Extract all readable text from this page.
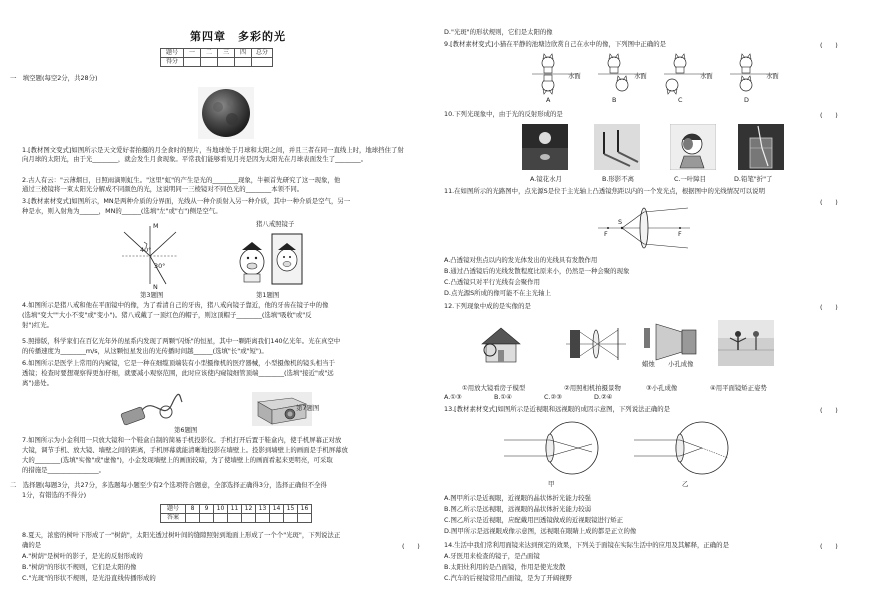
第四章　多彩的光
题号	一	二	三	四	总分
得分					
一　填空题(每空2分，共28分)
1.[教材图文变式]如图所示是天文爱好者拍摄的月全食时的照片，当地球处于月球和太阳之间，并且三者在同一直线上时，地球挡住了射
向月球的太阳光，由于光________，就会发生月食现象。平常我们能够看见月亮是因为太阳光在月球表面发生了________。
2.古人有云："云薄烟日，日照雨滴则虹生。"这里"虹"的产生是光的________现象，牛顿首先研究了这一现象，他
通过三棱镜将一束太阳光分解成不同颜色的光，这说明同一三棱镜对不同色光的________本领不同。
3.[教材素材变式]如图所示，MN是两种介质的分界面，光线从一种介质射入另一种介质，其中一种介质是空气，另一
种是水，则入射角为______，MN的______(选填"左"或"右")侧是空气。
M
N
40°
30°
第3题图
猪八戒照镜子
第1题图
4.如图所示是猪八戒和他在平面镜中的像，为了看清自己的牙齿，猪八戒向镜子靠近，他的牙齿在镜子中的像
(选填"变大""大小不变"或"变小")。猪八戒戴了一顶红色的帽子，则这顶帽子________(选填"吸收"或"反
射")红光。
5.照排版，科学家们在百亿光年外的星系内发现了两颗"闪烁"的恒星，其中一颗距离我们140亿光年。光在真空中
的传播速度为________m/s，从这颗恒星发出的光传播时间越______(选填"长"或"短")。
6.如图所示是医学上常用的内窥镜，它是一种在细缆顶端装有小型摄像机的医疗器械，小型摄像机的镜头相当于
透镜；检查时要想观察得更加仔细，就要减小观察范围，此时应该使内窥镜细管顶端________(选填"接近"或"远
离")患处。
第6题图
第7题图
7.如图所示为小金利用一只放大镜和一个鞋盒自制的简易手机投影仪。手机打开后置于鞋盒内，使手机屏幕正对放
大镜，调节手机、放大镜、墙壁之间的距离，手机屏幕就能清晰地投影在墙壁上。投影到墙壁上的画面是手机屏幕放
大的________(选填"实像"或"虚像")，小金发现墙壁上的画面较暗，为了使墙壁上的画面看起来更明亮，可采取
的措施是________________。
二　选择题(每题3分，共27分，多选题每小题至少有2个选项符合题意，全部选择正确得3分，选择正确但不全得
1分，有错选的不得分)
题号	8	9	10	11	12	13	14	15	16
答案									
8.夏天，浓密的树叶下形成了一"树荫"，太阳光透过树叶间的缝隙照射到地面上形成了一个个"光斑"，下列说法正
确的是	(　　)
A."树荫"是树叶的影子，是光的反射形成的
B."树荫"的形状不规则，它们是太阳的像
C."光斑"的形状不规则，是光沿直线传播形成的
D."光斑"的形状规则，它们是太阳的像
9.[教材素材变式]小猫在平静的池塘边欣赏自己在水中的像，下列图中正确的是	(　　)
水面	水面	水面	水面
A	B	C	D
10.下列光现象中，由于光的反射形成的是	(　　)
A.镜花水月	B.形影不离	C.一叶障目	D.铅笔"折"了
11.在如图所示的光路图中，点光源S是位于主光轴上凸透镜焦距以内的一个发光点，根据图中的光线情况可以说明
(　　)
S
F	F
A.凸透镜对焦点以内的发光体发出的光线具有发散作用
B.通过凸透镜后的光线发散程度比原来小，仍然是一种会聚的现象
C.凸透镜只对平行光线有会聚作用
D.点光源S所成的像可能不在主光轴上
12.下列现象中成的是实像的是	(　　)
蜡烛 小孔成像
①用放大镜看房子模型	②用照相机拍摄景物	③小孔成像	④用平面镜矫正姿势
A.①③	B.①④	C.②③	D.②④
13.[教材素材变式]如图所示是近视眼和远视眼的成因示意图，下列说法正确的是	(　　)
甲	乙
A.图甲所示是近视眼，近视眼的晶状体折光能力较强
B.图乙所示是远视眼，远视眼的晶状体折光能力较弱
C.图乙所示是近视眼，应配戴用凹透镜做成的近视眼镜进行矫正
D.图甲所示是远视眼成像示意图，远视眼在眼睛上成的都是正立的像
14.生活中我们常利用面镜来达到预定的效果，下列关于面镜在实际生活中的应用及其解释，正确的是	(　　)
A.牙医用来检查的镜子，是凸面镜
B.太阳灶利用的是凸面镜，作用是使光发散
C.汽车的后视镜常用凸面镜，是为了开阔视野
